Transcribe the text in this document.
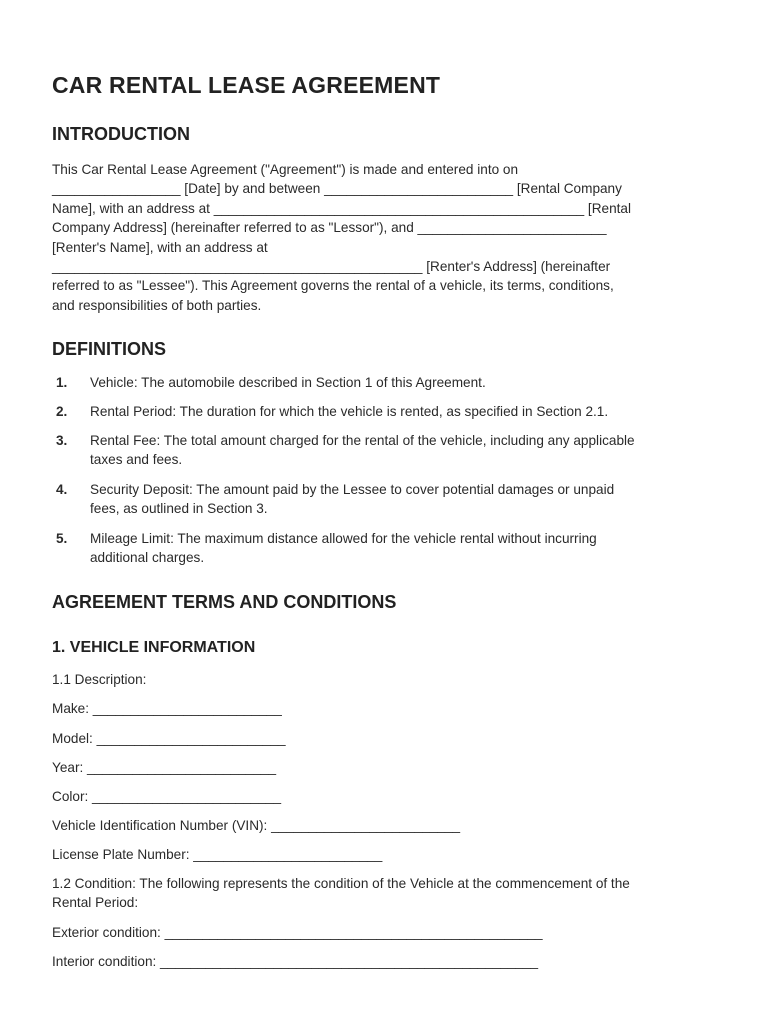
CAR RENTAL LEASE AGREEMENT
INTRODUCTION
This Car Rental Lease Agreement ("Agreement") is made and entered into on
_________________ [Date] by and between _________________________ [Rental Company
Name], with an address at _________________________________________________ [Rental
Company Address] (hereinafter referred to as "Lessor"), and _________________________
[Renter's Name], with an address at
_________________________________________________ [Renter's Address] (hereinafter
referred to as "Lessee"). This Agreement governs the rental of a vehicle, its terms, conditions,
and responsibilities of both parties.
DEFINITIONS
1. Vehicle: The automobile described in Section 1 of this Agreement.
2. Rental Period: The duration for which the vehicle is rented, as specified in Section 2.1.
3. Rental Fee: The total amount charged for the rental of the vehicle, including any applicable
taxes and fees.
4. Security Deposit: The amount paid by the Lessee to cover potential damages or unpaid
fees, as outlined in Section 3.
5. Mileage Limit: The maximum distance allowed for the vehicle rental without incurring
additional charges.
AGREEMENT TERMS AND CONDITIONS
1. VEHICLE INFORMATION

1.1 Description:

Make: _________________________

Model: _________________________

Year: _________________________

Color: _________________________

Vehicle Identification Number (VIN): _________________________

License Plate Number: _________________________

1.2 Condition: The following represents the condition of the Vehicle at the commencement of the
Rental Period:

Exterior condition: __________________________________________________

Interior condition: __________________________________________________
